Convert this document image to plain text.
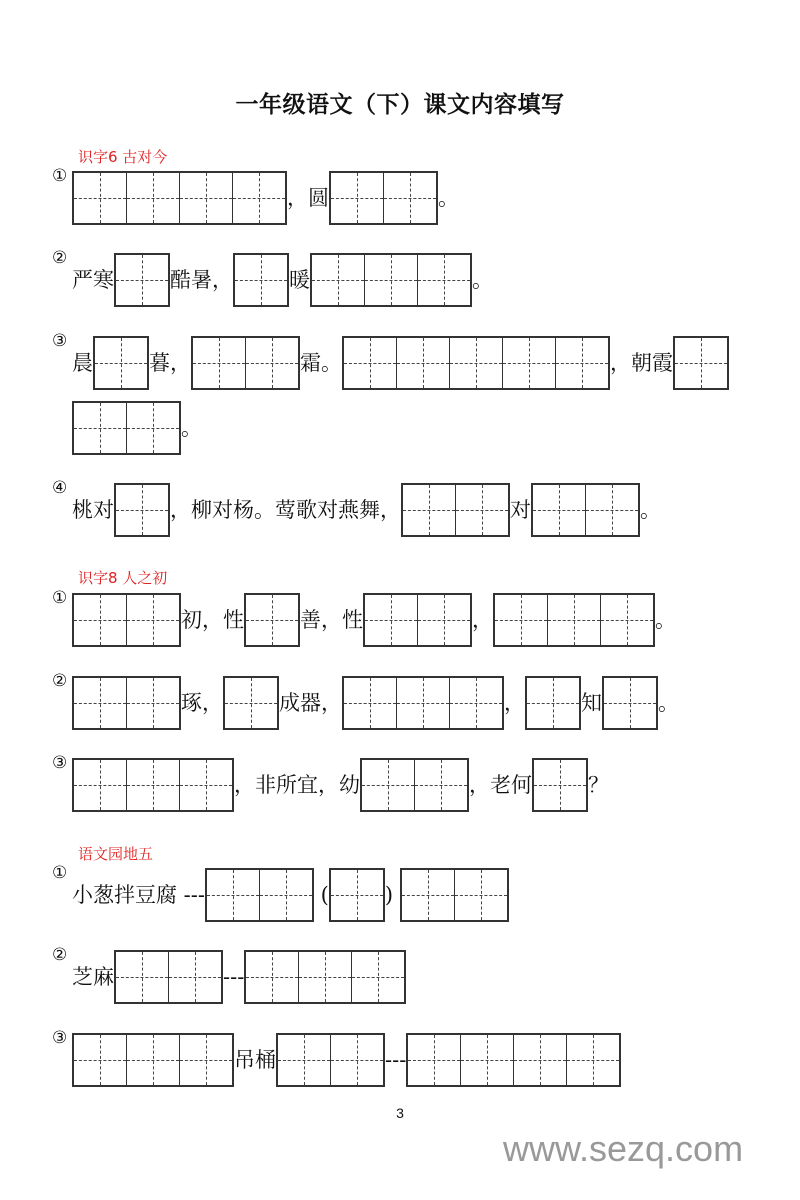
一年级语文（下）课文内容填写
识字6 古对今
识字8 人之初
语文园地五
①
，圆	。
②
严寒	酷暑，	暖	。
③
晨	暮，	霜。	，朝霞
。
④
桃对	，柳对杨。莺歌对燕舞，	对	。
①
初，性	善，性	，	。
②
琢，	成器，	，	知	。
③
，非所宜，幼	，老何	？
①
小葱拌豆腐 ---	(	)
②
芝麻	---
③
吊桶	---
3
www.sezq.com
